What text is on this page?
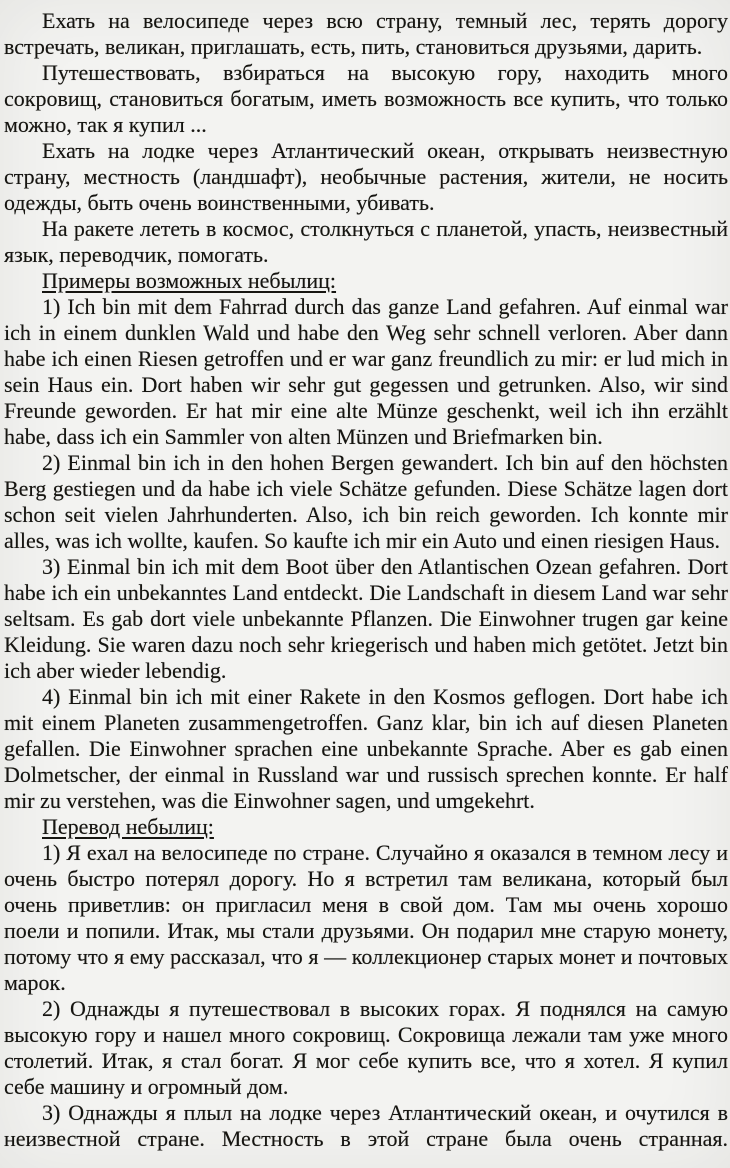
Ехать на велосипеде через всю страну, темный лес, терять дорогу встречать, великан, приглашать, есть, пить, становиться друзьями, дарить.

Путешествовать, взбираться на высокую гору, находить много сокровищ, становиться богатым, иметь возможность все купить, что только можно, так я купил ...

Ехать на лодке через Атлантический океан, открывать неизвестную страну, местность (ландшафт), необычные растения, жители, не носить одежды, быть очень воинственными, убивать.

На ракете лететь в космос, столкнуться с планетой, упасть, неизвестный язык, переводчик, помогать.

Примеры возможных небылиц:

1) Ich bin mit dem Fahrrad durch das ganze Land gefahren. Auf einmal war ich in einem dunklen Wald und habe den Weg sehr schnell verloren. Aber dann habe ich einen Riesen getroffen und er war ganz freundlich zu mir: er lud mich in sein Haus ein. Dort haben wir sehr gut gegessen und getrunken. Also, wir sind Freunde geworden. Er hat mir eine alte Münze geschenkt, weil ich ihn erzählt habe, dass ich ein Sammler von alten Münzen und Briefmarken bin.

2) Einmal bin ich in den hohen Bergen gewandert. Ich bin auf den höchsten Berg gestiegen und da habe ich viele Schätze gefunden. Diese Schätze lagen dort schon seit vielen Jahrhunderten. Also, ich bin reich geworden. Ich konnte mir alles, was ich wollte, kaufen. So kaufte ich mir ein Auto und einen riesigen Haus.

3) Einmal bin ich mit dem Boot über den Atlantischen Ozean gefahren. Dort habe ich ein unbekanntes Land entdeckt. Die Landschaft in diesem Land war sehr seltsam. Es gab dort viele unbekannte Pflanzen. Die Einwohner trugen gar keine Kleidung. Sie waren dazu noch sehr kriegerisch und haben mich getötet. Jetzt bin ich aber wieder lebendig.

4) Einmal bin ich mit einer Rakete in den Kosmos geflogen. Dort habe ich mit einem Planeten zusammengetroffen. Ganz klar, bin ich auf diesen Planeten gefallen. Die Einwohner sprachen eine unbekannte Sprache. Aber es gab einen Dolmetscher, der einmal in Russland war und russisch sprechen konnte. Er half mir zu verstehen, was die Einwohner sagen, und umgekehrt.

Перевод небылиц:

1) Я ехал на велосипеде по стране. Случайно я оказался в темном лесу и очень быстро потерял дорогу. Но я встретил там великана, который был очень приветлив: он пригласил меня в свой дом. Там мы очень хорошо поели и попили. Итак, мы стали друзьями. Он подарил мне старую монету, потому что я ему рассказал, что я — коллекционер старых монет и почтовых марок.

2) Однажды я путешествовал в высоких горах. Я поднялся на самую высокую гору и нашел много сокровищ. Сокровища лежали там уже много столетий. Итак, я стал богат. Я мог себе купить все, что я хотел. Я купил себе машину и огромный дом.

3) Однажды я плыл на лодке через Атлантический океан, и очутился в неизвестной стране. Местность в этой стране была очень странная.
